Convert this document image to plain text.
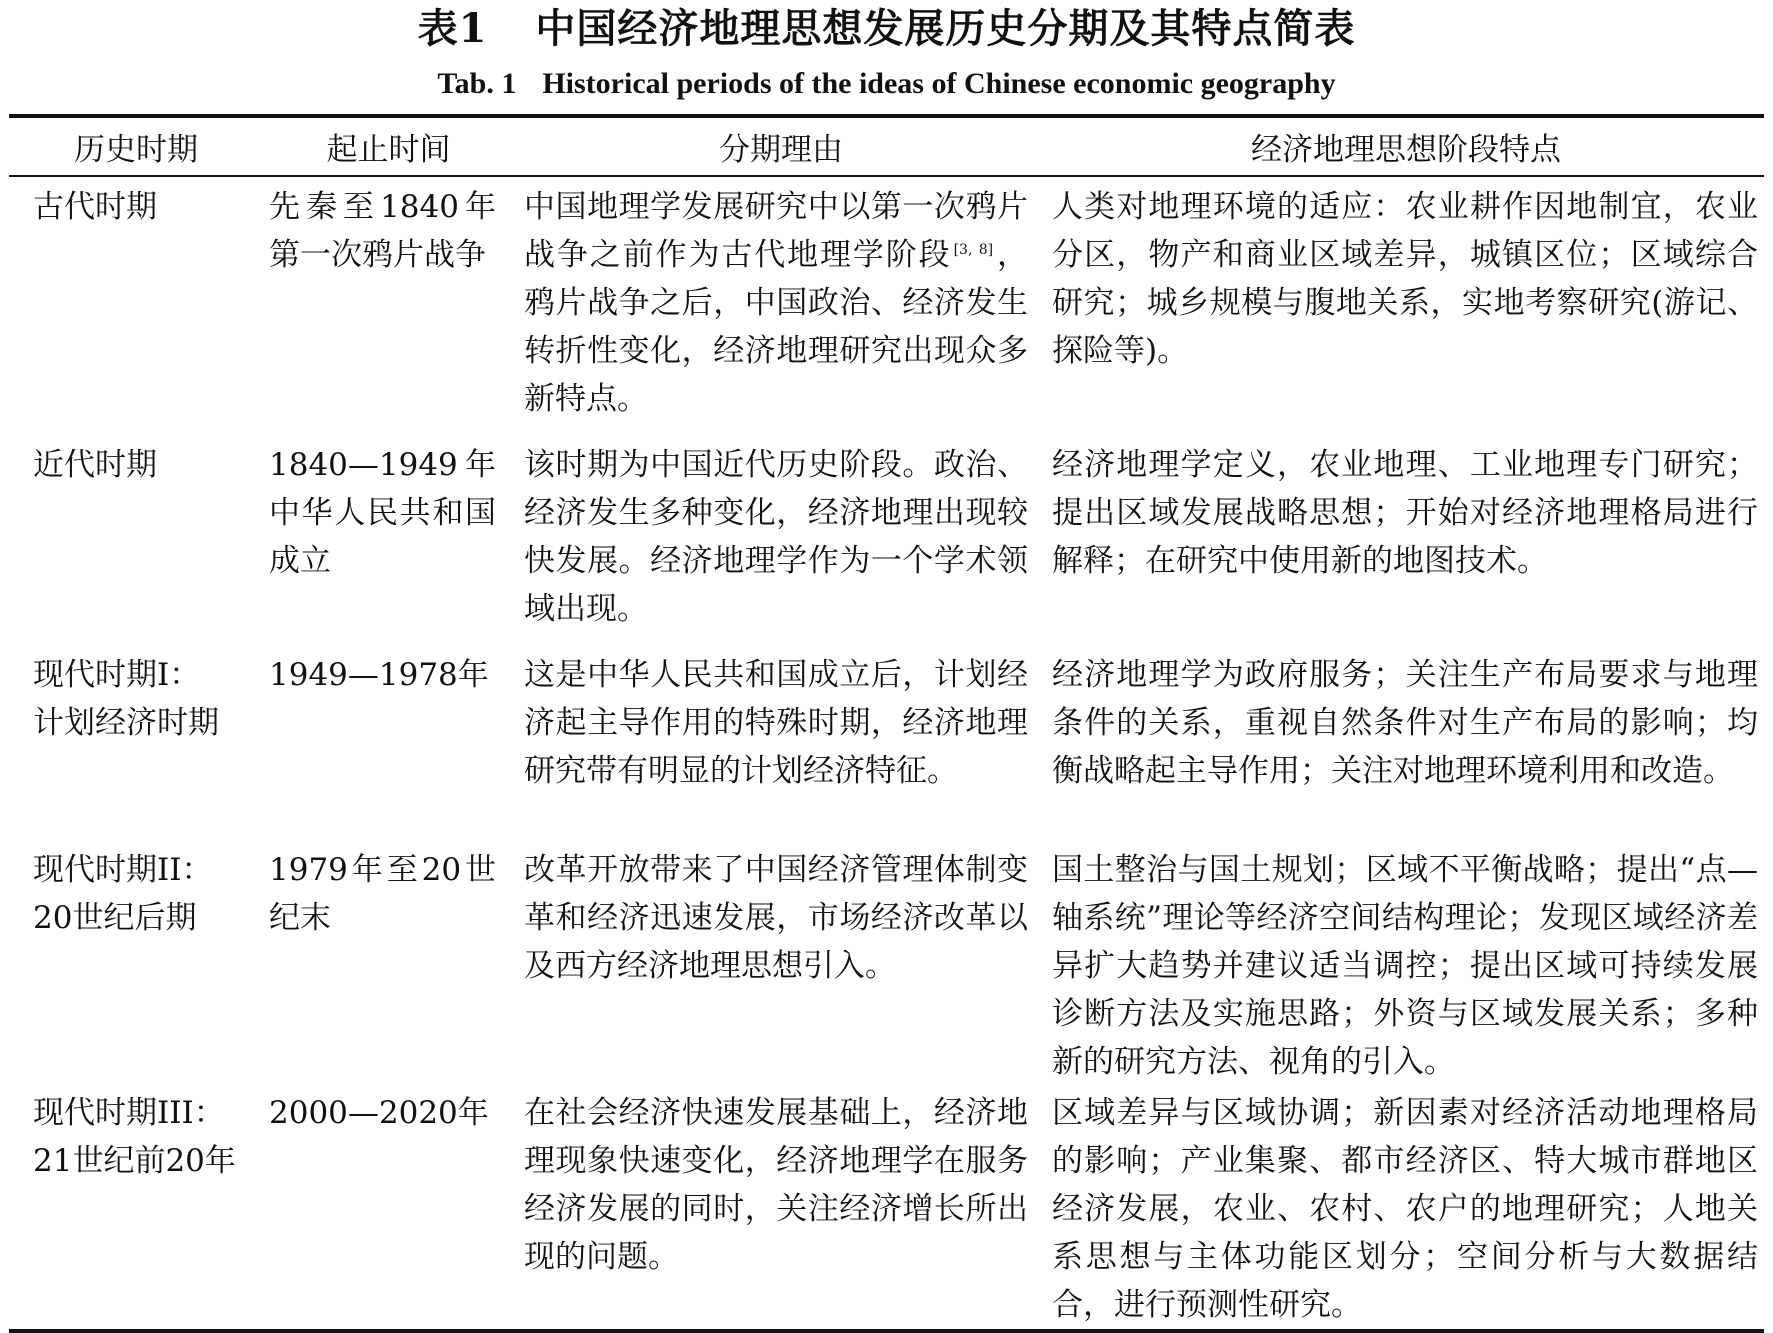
表1 中国经济地理思想发展历史分期及其特点简表
Tab. 1 Historical periods of the ideas of Chinese economic geography
历史时期	起止时间	分期理由	经济地理思想阶段特点
古代时期	先秦至1840年第一次鸦片战争	中国地理学发展研究中以第一次鸦片战争之前作为古代地理学阶段 [3, 8]，鸦片战争之后，中国政治、经济发生转折性变化，经济地理研究出现众多新特点。	人类对地理环境的适应：农业耕作因地制宜，农业分区，物产和商业区域差异，城镇区位；区域综合研究；城乡规模与腹地关系，实地考察研究(游记、探险等)。
近代时期	1840—1949年中华人民共和国成立	该时期为中国近代历史阶段。政治、经济发生多种变化，经济地理出现较快发展。经济地理学作为一个学术领域出现。	经济地理学定义，农业地理、工业地理专门研究；提出区域发展战略思想；开始对经济地理格局进行解释；在研究中使用新的地图技术。
现代时期I：
计划经济时期	1949—1978年	这是中华人民共和国成立后，计划经济起主导作用的特殊时期，经济地理研究带有明显的计划经济特征。	经济地理学为政府服务；关注生产布局要求与地理条件的关系，重视自然条件对生产布局的影响；均衡战略起主导作用；关注对地理环境利用和改造。
现代时期II：
20世纪后期	1979年至20世纪末	改革开放带来了中国经济管理体制变革和经济迅速发展，市场经济改革以及西方经济地理思想引入。	国土整治与国土规划；区域不平衡战略；提出“点—轴系统”理论等经济空间结构理论；发现区域经济差异扩大趋势并建议适当调控；提出区域可持续发展诊断方法及实施思路；外资与区域发展关系；多种新的研究方法、视角的引入。
现代时期III：
21世纪前20年	2000—2020年	在社会经济快速发展基础上，经济地理现象快速变化，经济地理学在服务经济发展的同时，关注经济增长所出现的问题。	区域差异与区域协调；新因素对经济活动地理格局的影响；产业集聚、都市经济区、特大城市群地区经济发展，农业、农村、农户的地理研究；人地关系思想与主体功能区划分；空间分析与大数据结合，进行预测性研究。
